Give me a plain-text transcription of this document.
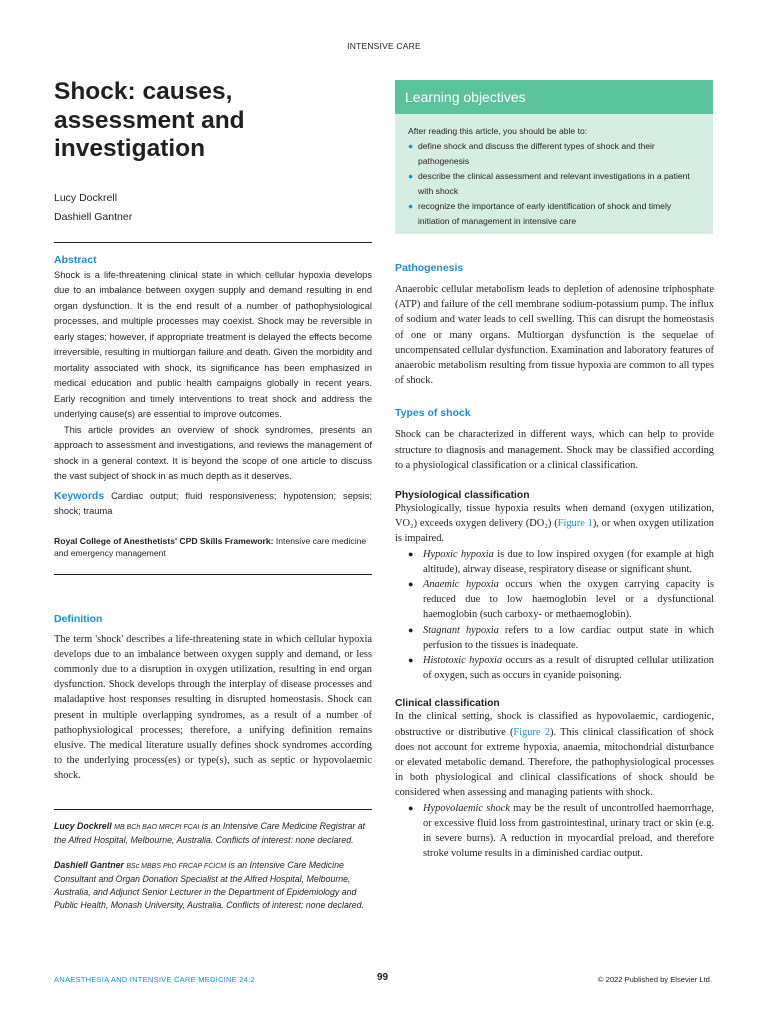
INTENSIVE CARE
Shock: causes,
assessment and
investigation
Lucy Dockrell
Dashiell Gantner
Abstract

Shock is a life-threatening clinical state in which cellular hypoxia develops due to an imbalance between oxygen supply and demand resulting in end organ dysfunction. It is the end result of a number of pathophysiological processes, and multiple processes may coexist. Shock may be reversible in early stages; however, if appropriate treatment is delayed the effects become irreversible, resulting in multiorgan failure and death. Given the morbidity and mortality associated with shock, its significance has been emphasized in medical education and public health campaigns globally in recent years. Early recognition and timely interventions to treat shock and address the underlying cause(s) are essential to improve outcomes.

This article provides an overview of shock syndromes, presents an approach to assessment and investigations, and reviews the management of shock in a general context. It is beyond the scope of one article to discuss the vast subject of shock in as much depth as it deserves.

Keywords Cardiac output; fluid responsiveness; hypotension; sepsis; shock; trauma
Royal College of Anesthetists' CPD Skills Framework: Intensive care medicine and emergency management
Definition
The term 'shock' describes a life-threatening state in which cellular hypoxia develops due to an imbalance between oxygen supply and demand, or less commonly due to a disruption in oxygen utilization, resulting in end organ dysfunction. Shock develops through the interplay of disease processes and maladaptive host responses resulting in disrupted homeostasis. Shock can present in multiple overlapping syndromes, as a result of a number of pathophysiological processes; therefore, a unifying definition remains elusive. The medical literature usually defines shock syndromes according to the underlying process(es) or type(s), such as septic or hypovolaemic shock.

Lucy Dockrell MB BCh BAO MRCPI FCAI is an Intensive Care Medicine Registrar at the Alfred Hospital, Melbourne, Australia. Conflicts of interest: none declared.

Dashiell Gantner BSc MBBS PhD FRCAP FCICM is an Intensive Care Medicine Consultant and Organ Donation Specialist at the Alfred Hospital, Melbourne, Australia, and Adjunct Senior Lecturer in the Department of Epidemiology and Public Health, Monash University, Australia. Conflicts of interest: none declared.

Learning objectives
After reading this article, you should be able to:
● define shock and discuss the different types of shock and their pathogenesis
● describe the clinical assessment and relevant investigations in a patient with shock
● recognize the importance of early identification of shock and timely initiation of management in intensive care
Pathogenesis
Anaerobic cellular metabolism leads to depletion of adenosine triphosphate (ATP) and failure of the cell membrane sodium-potassium pump. The influx of sodium and water leads to cell swelling. This can disrupt the homeostasis of one or many organs. Multiorgan dysfunction is the sequelae of uncompensated cellular dysfunction. Examination and laboratory features of anaerobic metabolism resulting from tissue hypoxia are common to all types of shock.
Types of shock
Shock can be characterized in different ways, which can help to provide structure to diagnosis and management. Shock may be classified according to a physiological classification or a clinical classification.
Physiological classification
Physiologically, tissue hypoxia results when demand (oxygen utilization, VO₂) exceeds oxygen delivery (DO₂) (Figure 1), or when oxygen utilization is impaired.
● Hypoxic hypoxia is due to low inspired oxygen (for example at high altitude), airway disease, respiratory disease or significant shunt.
● Anaemic hypoxia occurs when the oxygen carrying capacity is reduced due to low haemoglobin level or a dysfunctional haemoglobin (such carboxy- or methaemoglobin).
● Stagnant hypoxia refers to a low cardiac output state in which perfusion to the tissues is inadequate.
● Histotoxic hypoxia occurs as a result of disrupted cellular utilization of oxygen, such as occurs in cyanide poisoning.
Clinical classification
In the clinical setting, shock is classified as hypovolaemic, cardiogenic, obstructive or distributive (Figure 2). This clinical classification of shock does not account for extreme hypoxia, anaemia, mitochondrial disturbance or elevated metabolic demand. Therefore, the pathophysiological processes in both physiological and clinical classifications of shock should be considered when assessing and managing patients with shock.
● Hypovolaemic shock may be the result of uncontrolled haemorrhage, or excessive fluid loss from gastrointestinal, urinary tract or skin (e.g. in severe burns). A reduction in myocardial preload, and therefore stroke volume results in a diminished cardiac output.
ANAESTHESIA AND INTENSIVE CARE MEDICINE 24:2	99	© 2022 Published by Elsevier Ltd.
